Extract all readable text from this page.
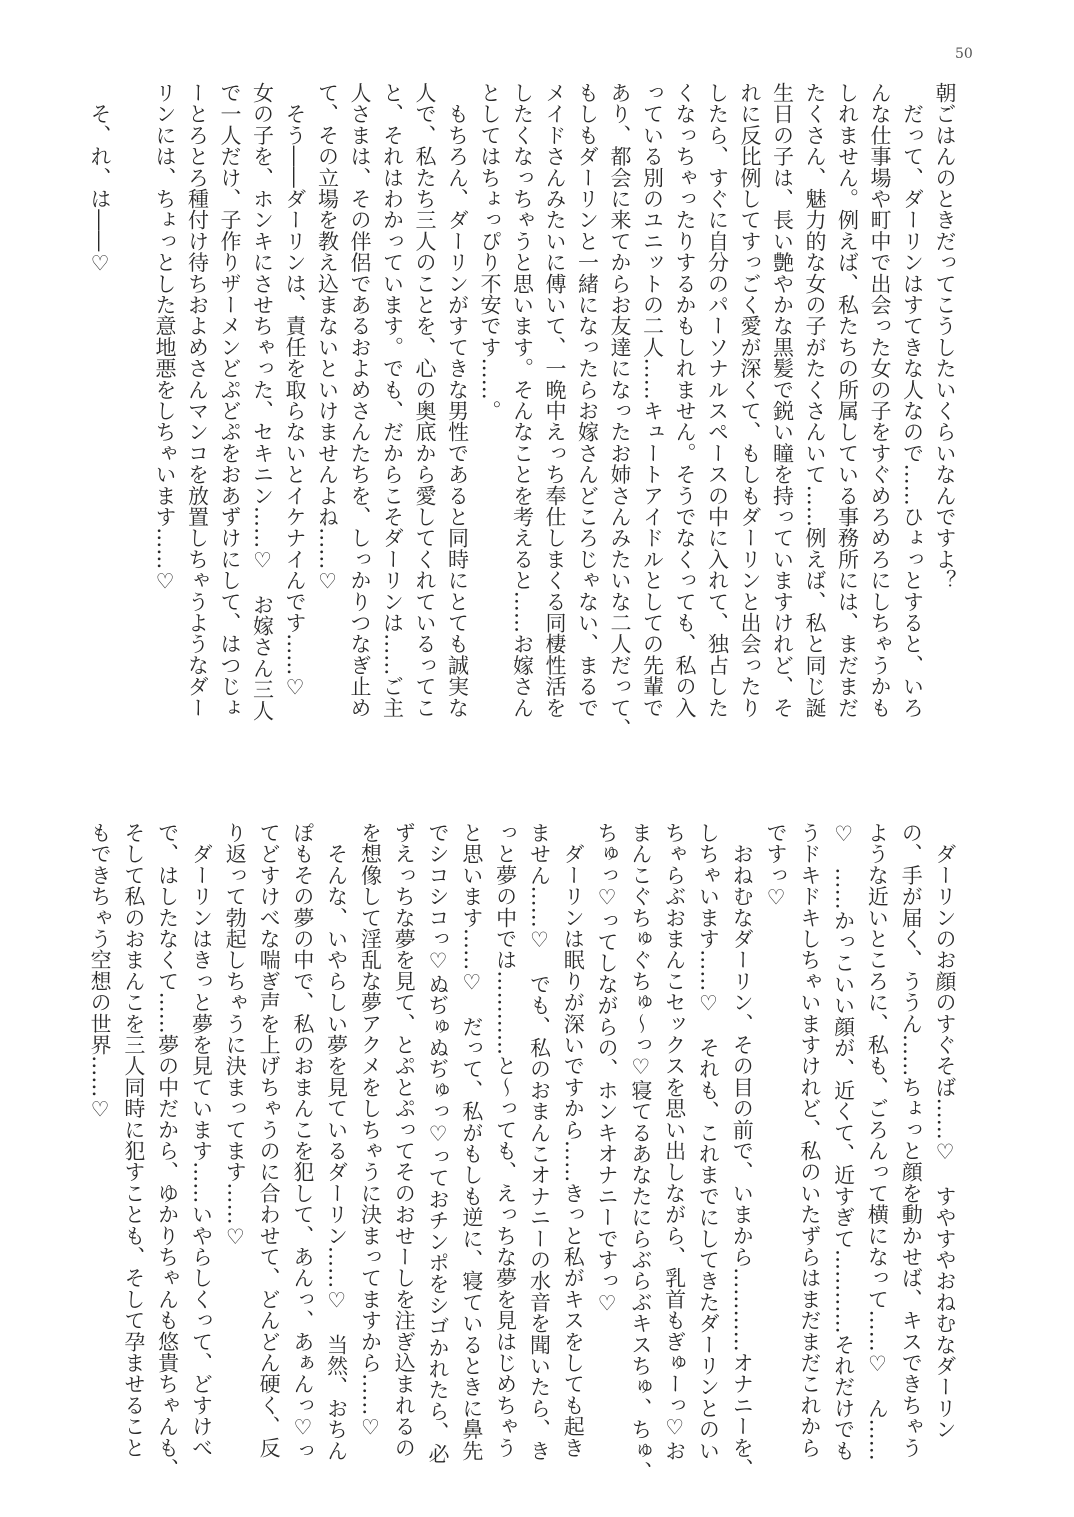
50
朝ごはんのときだってこうしたいくらいなんですよ？
　だって、ダーリンはすてきな人なので……ひょっとすると、いろ
んな仕事場や町中で出会った女の子をすぐめろめろにしちゃうかも
しれません。例えば、私たちの所属している事務所には、まだまだ
たくさん、魅力的な女の子がたくさんいて……例えば、私と同じ誕
生日の子は、長い艶やかな黒髪で鋭い瞳を持っていますけれど、そ
れに反比例してすっごく愛が深くて、もしもダーリンと出会ったり
したら、すぐに自分のパーソナルスペースの中に入れて、独占した
くなっちゃったりするかもしれません。そうでなくっても、私の入
っている別のユニットの二人……キュートアイドルとしての先輩で
あり、都会に来てからお友達になったお姉さんみたいな二人だって、
もしもダーリンと一緒になったらお嫁さんどころじゃない、まるで
メイドさんみたいに傅いて、一晩中えっち奉仕しまくる同棲性活を
したくなっちゃうと思います。そんなことを考えると……お嫁さん
としてはちょっぴり不安です……。
　もちろん、ダーリンがすてきな男性であると同時にとても誠実な
人で、私たち三人のことを、心の奥底から愛してくれているってこ
と、それはわかっています。でも、だからこそダーリンは……ご主
人さまは、その伴侶であるおよめさんたちを、しっかりつなぎ止め
て、その立場を教え込まないといけませんよね……♡
　そう――ダーリンは、責任を取らないとイケナイんです……♡
女の子を、ホンキにさせちゃった、セキニン……♡　お嫁さん三人
で一人だけ、子作りザーメンどぷどぷをおあずけにして、はつじょ
ーとろとろ種付け待ちおよめさんマンコを放置しちゃうようなダー
リンには、ちょっとした意地悪をしちゃいます……♡
　そ、れ、は――♡
　ダーリンのお顔のすぐそば……♡　すやすやおねむなダーリン
の、手が届く、ううん……ちょっと顔を動かせば、キスできちゃう
ような近いところに、私も、ごろんって横になって……♡　ん……
♡　……かっこいい顔が、近くて、近すぎて…………それだけでも
うドキドキしちゃいますけれど、私のいたずらはまだまだこれから
ですっ♡
　おねむなダーリン、その目の前で、いまから…………オナニーを、
しちゃいます……♡　それも、これまでにしてきたダーリンとのい
ちゃらぶおまんこセックスを思い出しながら、乳首もぎゅーっ♡お
まんこぐちゅぐちゅ～っ♡寝てるあなたにらぶらぶキスちゅ、ちゅ、
ちゅっ♡ってしながらの、ホンキオナニーですっ♡
　ダーリンは眠りが深いですから……きっと私がキスをしても起き
ません……♡　でも、私のおまんこオナニーの水音を聞いたら、き
っと夢の中では…………と～っても、えっちな夢を見はじめちゃう
と思います……♡　だって、私がもしも逆に、寝ているときに鼻先
でシコシコっ♡ぬぢゅぬぢゅっ♡っておチンポをシゴかれたら、必
ずえっちな夢を見て、とぷとぷってそのおせーしを注ぎ込まれるの
を想像して淫乱な夢アクメをしちゃうに決まってますから……♡
　そんな、いやらしい夢を見ているダーリン……♡　当然、おちん
ぽもその夢の中で、私のおまんこを犯して、あんっ、あぁんっ♡っ
てどすけべな喘ぎ声を上げちゃうのに合わせて、どんどん硬く、反
り返って勃起しちゃうに決まってます……♡
　ダーリンはきっと夢を見ています……いやらしくって、どすけべ
で、はしたなくて……夢の中だから、ゆかりちゃんも悠貴ちゃんも、
そして私のおまんこを三人同時に犯すことも、そして孕ませること
もできちゃう空想の世界……♡
